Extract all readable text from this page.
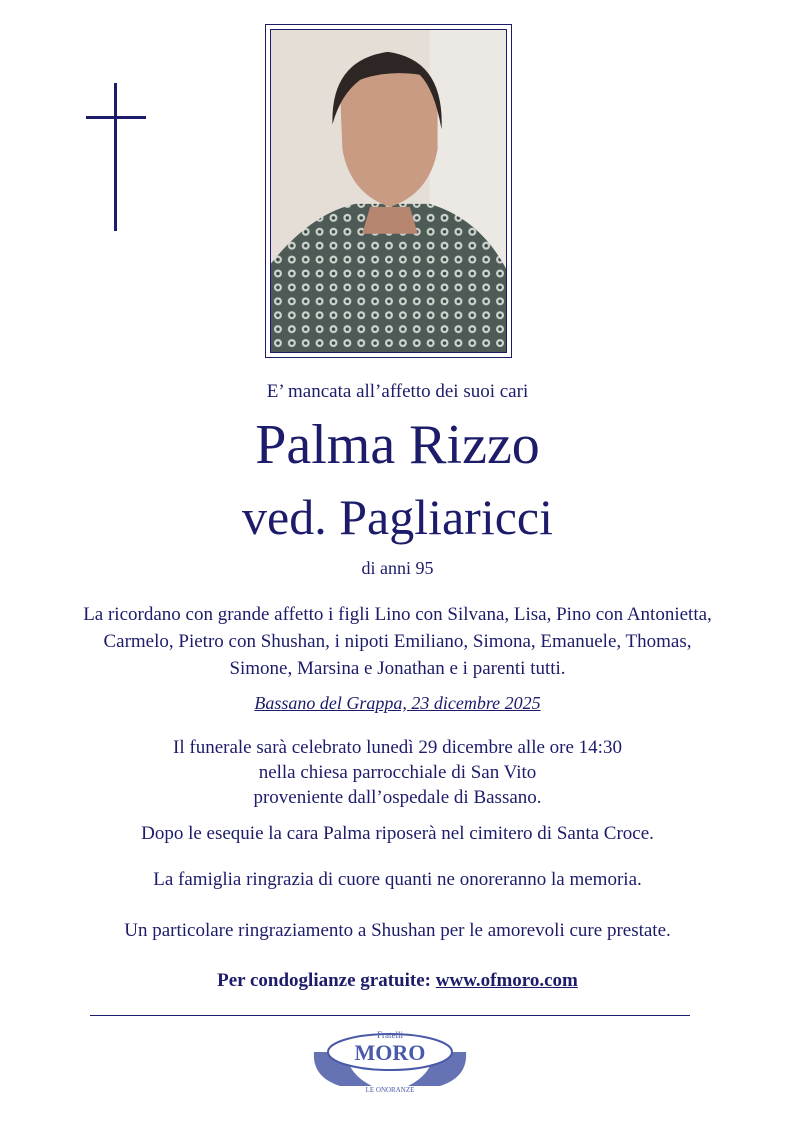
E’ mancata all’affetto dei suoi cari
Palma Rizzo
ved. Pagliaricci
di anni 95
La ricordano con grande affetto i figli Lino con Silvana, Lisa, Pino con Antonietta,
Carmelo, Pietro con Shushan, i nipoti Emiliano, Simona, Emanuele, Thomas,
Simone, Marsina e Jonathan e i parenti tutti.
Bassano del Grappa, 23 dicembre 2025
Il funerale sarà celebrato lunedì 29 dicembre alle ore 14:30
nella chiesa parrocchiale di San Vito
proveniente dall’ospedale di Bassano.
Dopo le esequie la cara Palma riposerà nel cimitero di Santa Croce.
La famiglia ringrazia di cuore quanti ne onoreranno la memoria.
Un particolare ringraziamento a Shushan per le amorevoli cure prestate.
Per condoglianze gratuite: www.ofmoro.com
Fratelli
MORO
LE ONORANZE
